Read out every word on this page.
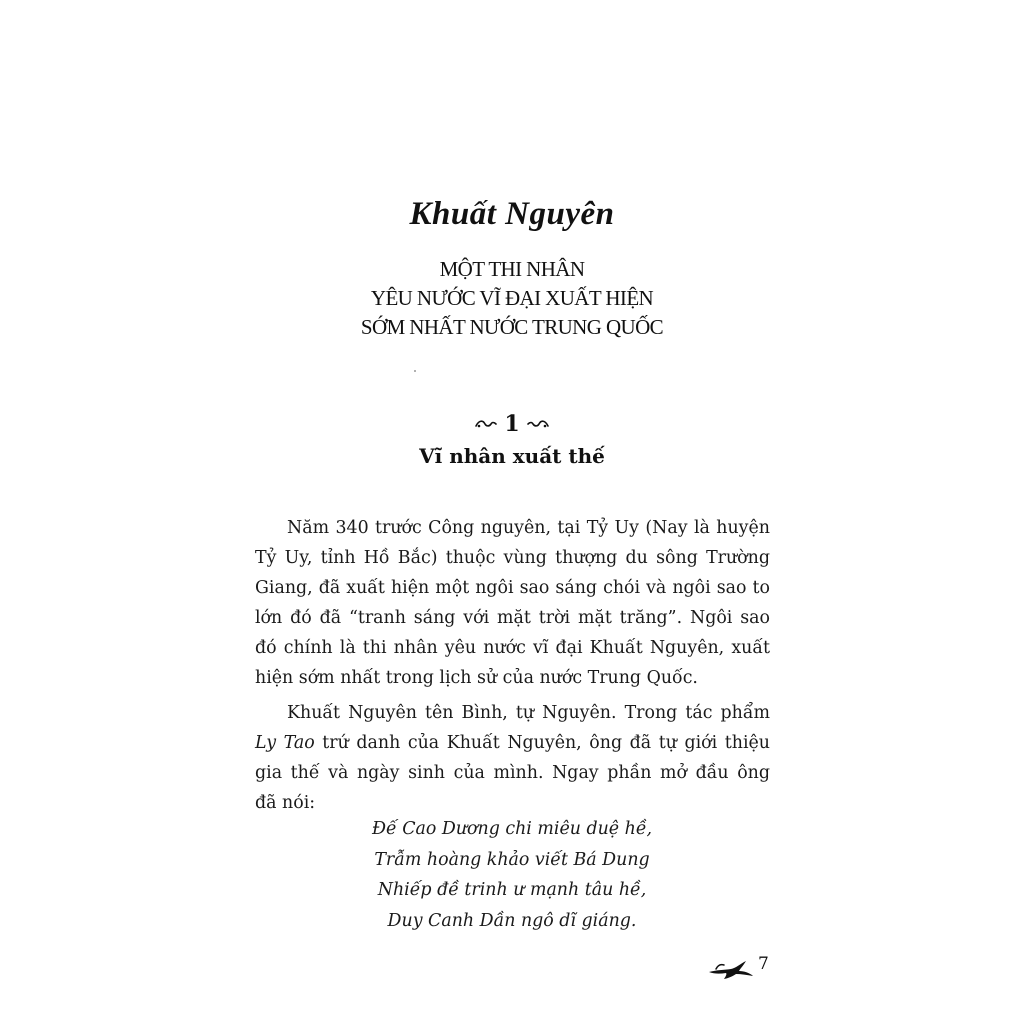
Khuất Nguyên
MỘT THI NHÂN
YÊU NƯỚC VĨ ĐẠI XUẤT HIỆN
SỚM NHẤT NƯỚC TRUNG QUỐC
1
Vĩ nhân xuất thế
Năm 340 trước Công nguyên, tại Tỷ Uy (Nay là huyện
Tỷ Uy, tỉnh Hồ Bắc) thuộc vùng thượng du sông Trường
Giang, đã xuất hiện một ngôi sao sáng chói và ngôi sao to
lớn đó đã “tranh sáng với mặt trời mặt trăng”. Ngôi sao
đó chính là thi nhân yêu nước vĩ đại Khuất Nguyên, xuất
hiện sớm nhất trong lịch sử của nước Trung Quốc.
Khuất Nguyên tên Bình, tự Nguyên. Trong tác phẩm
Ly Tao trứ danh của Khuất Nguyên, ông đã tự giới thiệu
gia thế và ngày sinh của mình. Ngay phần mở đầu ông
đã nói:
Đế Cao Dương chi miêu duệ hề,
Trẫm hoàng khảo viết Bá Dung
Nhiếp đề trinh ư mạnh tâu hề,
Duy Canh Dần ngô dĩ giáng.
7
